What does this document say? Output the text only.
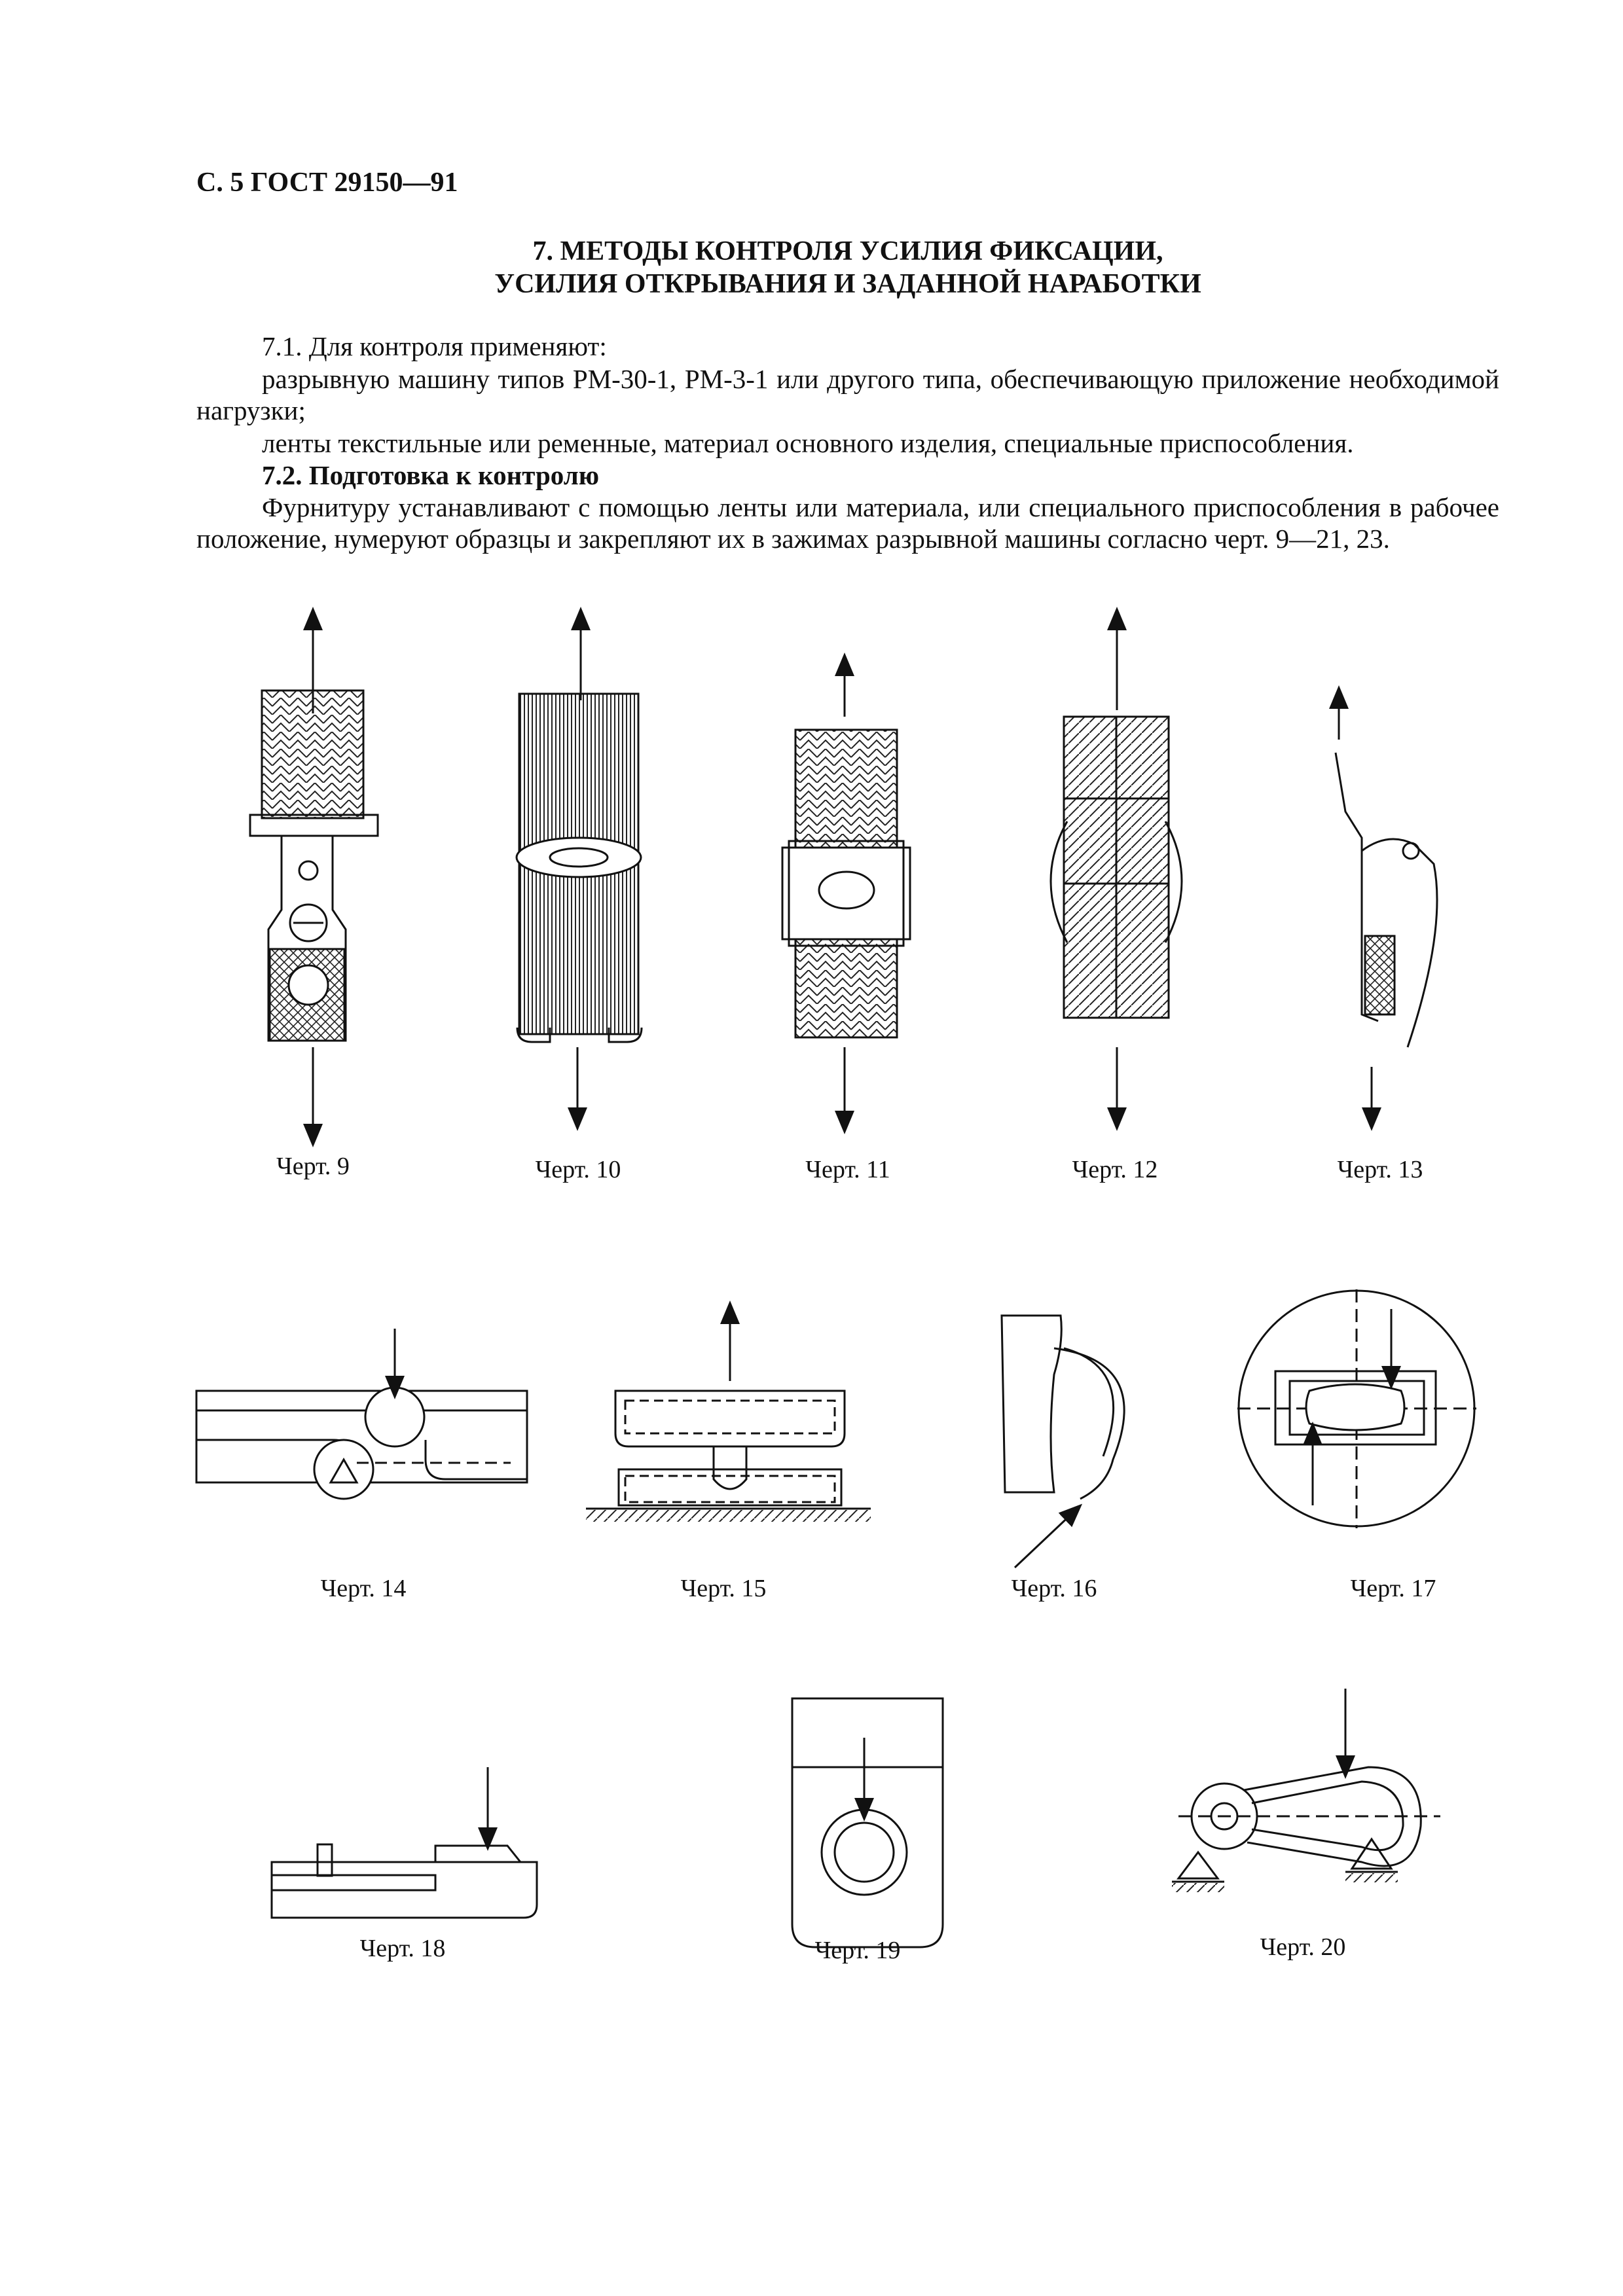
С. 5 ГОСТ 29150—91
7. МЕТОДЫ КОНТРОЛЯ УСИЛИЯ ФИКСАЦИИ,
УСИЛИЯ ОТКРЫВАНИЯ И ЗАДАННОЙ НАРАБОТКИ
7.1. Для контроля применяют:
разрывную машину типов РМ-30-1, РМ-3-1 или другого типа, обеспечивающую приложение необходимой нагрузки;
ленты текстильные или ременные, материал основного изделия, специальные приспособления.
7.2. Подготовка к контролю
Фурнитуру устанавливают с помощью ленты или материала, или специального приспособления в рабочее положение, нумеруют образцы и закрепляют их в зажимах разрывной машины согласно черт. 9—21, 23.
Черт. 9	Черт. 10	Черт. 11	Черт. 12	Черт. 13
Черт. 14	Черт. 15	Черт. 16	Черт. 17
Черт. 18	Черт. 19	Черт. 20
